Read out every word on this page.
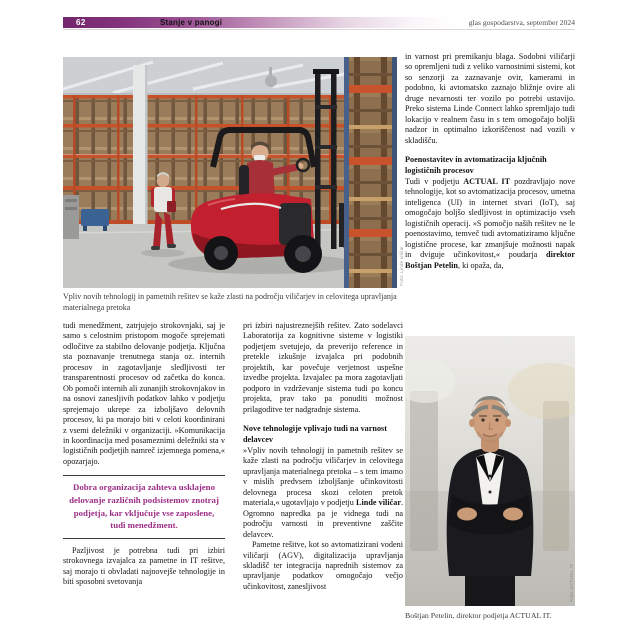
62	Stanje v panogi	glas gospodarstva, september 2024
Foto: Linde viličar

Vpliv novih tehnologij in pametnih rešitev se kaže zlasti na področju viličarjev in celovitega upravljanja materialnega pretoka

tudi menedžment, zatrjujejo strokovnjaki, saj je samo s celostnim pristopom mogoče sprejemati odločitve za stabilno delovanje podjetja. Ključna sta poznavanje trenutnega stanja oz. internih procesov in zagotavljanje sledljivosti ter transparentnosti procesov od začetka do konca. Ob pomoči internih ali zunanjih strokovnjakov in na osnovi zanesljivih podatkov lahko v podjetju sprejemajo ukrepe za izboljšavo delovnih procesov, ki pa morajo biti v celoti koordinirani z vsemi deležniki v organizaciji. »Komunikacija in koordinacija med posameznimi deležniki sta v logističnih podjetjih namreč izjemnega pomena,« opozarjajo.

Dobra organizacija zahteva usklajeno delovanje različnih podsistemov znotraj podjetja, kar vključuje vse zaposlene, tudi menedžment.

Pazljivost je potrebna tudi pri izbiri strokovnega izvajalca za pametne in IT rešitve, saj morajo ti obvladati najnovejše tehnologije in biti sposobni svetovanja

pri izbiri najustreznejših rešitev. Zato sodelavci Laboratorija za kognitivne sisteme v logistiki podjetjem svetujejo, da preverijo reference in pretekle izkušnje izvajalca pri podobnih projektih, kar povečuje verjetnost uspešne izvedbe projekta. Izvajalec pa mora zagotavljati podporo in vzdrževanje sistema tudi po koncu projekta, prav tako pa ponuditi možnost prilagoditve ter nadgradnje sistema.

Nove tehnologije vplivajo tudi na varnost delavcev

»Vpliv novih tehnologij in pametnih rešitev se kaže zlasti na področju viličarjev in celovitega upravljanja materialnega pretoka – s tem imamo v mislih predvsem izboljšanje učinkovitosti delovnega procesa skozi celoten pretok materiala,« ugotavljajo v podjetju Linde viličar. Ogromno napredka pa je vidnega tudi na področju varnosti in preventivne zaščite delavcev.

Pametne rešitve, kot so avtomatizirani vodeni viličarji (AGV), digitalizacija upravljanja skladišč ter integracija naprednih sistemov za upravljanje podatkov omogočajo večjo učinkovitost, zanesljivost

in varnost pri premikanju blaga. Sodobni viličarji so opremljeni tudi z veliko varnostnimi sistemi, kot so senzorji za zaznavanje ovir, kamerami in podobno, ki avtomatsko zaznajo bližnje ovire ali druge nevarnosti ter vozilo po potrebi ustavijo. Preko sistema Linde Connect lahko spremljajo tudi lokacijo v realnem času in s tem omogočajo boljši nadzor in optimalno izkoriščenost nad vozili v skladišču.

Poenostavitev in avtomatizacija ključnih logističnih procesov

Tudi v podjetju ACTUAL IT pozdravljajo nove tehnologije, kot so avtomatizacija procesov, umetna inteligenca (UI) in internet stvari (IoT), saj omogočajo boljšo sledljivost in optimizacijo vseh logističnih operacij. »S pomočjo naših rešitev ne le poenostavimo, temveč tudi avtomatiziramo ključne logistične procese, kar zmanjšuje možnosti napak in dviguje učinkovitost,« poudarja direktor Boštjan Petelin, ki opaža, da,

Foto: ACTUAL IT

Boštjan Petelin, direktor podjetja ACTUAL IT.
